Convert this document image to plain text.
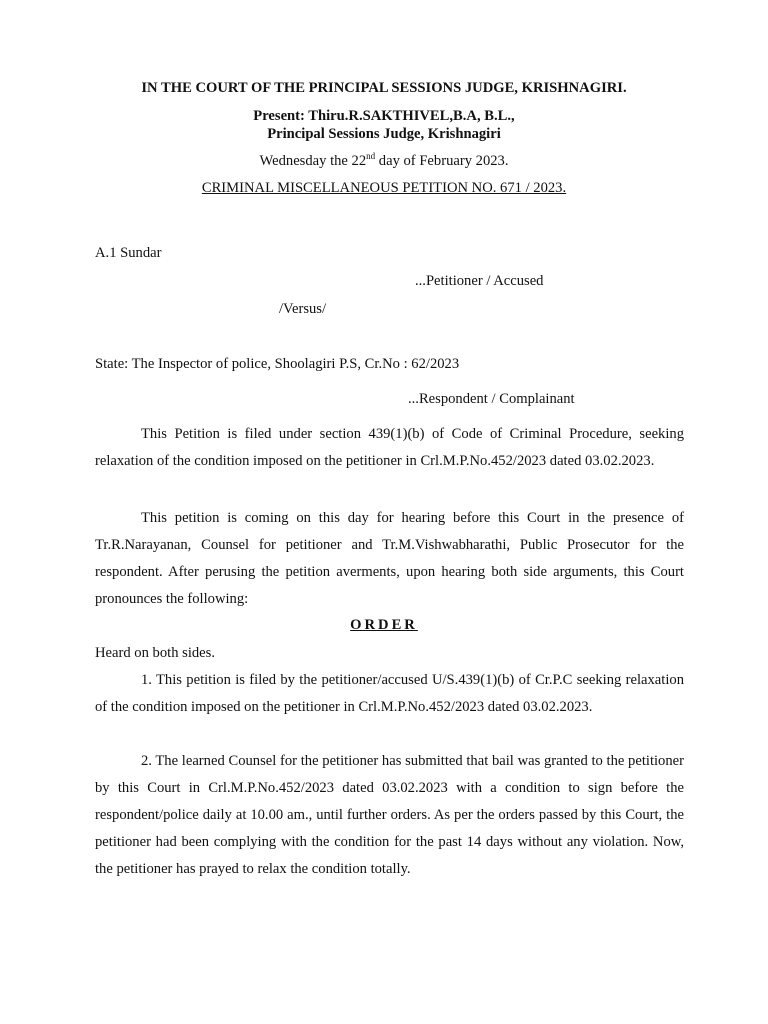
IN THE COURT OF THE PRINCIPAL SESSIONS JUDGE, KRISHNAGIRI.
Present: Thiru.R.SAKTHIVEL,B.A, B.L.,
Principal Sessions Judge, Krishnagiri
Wednesday the 22nd day of February 2023.
CRIMINAL MISCELLANEOUS PETITION NO. 671 / 2023.
A.1 Sundar
...Petitioner / Accused
/Versus/
State: The Inspector of police, Shoolagiri P.S, Cr.No : 62/2023
...Respondent / Complainant
This Petition is filed under section 439(1)(b) of Code of Criminal Procedure, seeking relaxation of the condition imposed on the petitioner in Crl.M.P.No.452/2023 dated 03.02.2023.
This petition is coming on this day for hearing before this Court in the presence of Tr.R.Narayanan, Counsel for petitioner and Tr.M.Vishwabharathi, Public Prosecutor for the respondent. After perusing the petition averments, upon hearing both side arguments, this Court pronounces the following:
ORDER
Heard on both sides.
1. This petition is filed by the petitioner/accused U/S.439(1)(b) of Cr.P.C seeking relaxation of the condition imposed on the petitioner in Crl.M.P.No.452/2023 dated 03.02.2023.
2. The learned Counsel for the petitioner has submitted that bail was granted to the petitioner by this Court in Crl.M.P.No.452/2023 dated 03.02.2023 with a condition to sign before the respondent/police daily at 10.00 am., until further orders. As per the orders passed by this Court, the petitioner had been complying with the condition for the past 14 days without any violation. Now, the petitioner has prayed to relax the condition totally.
